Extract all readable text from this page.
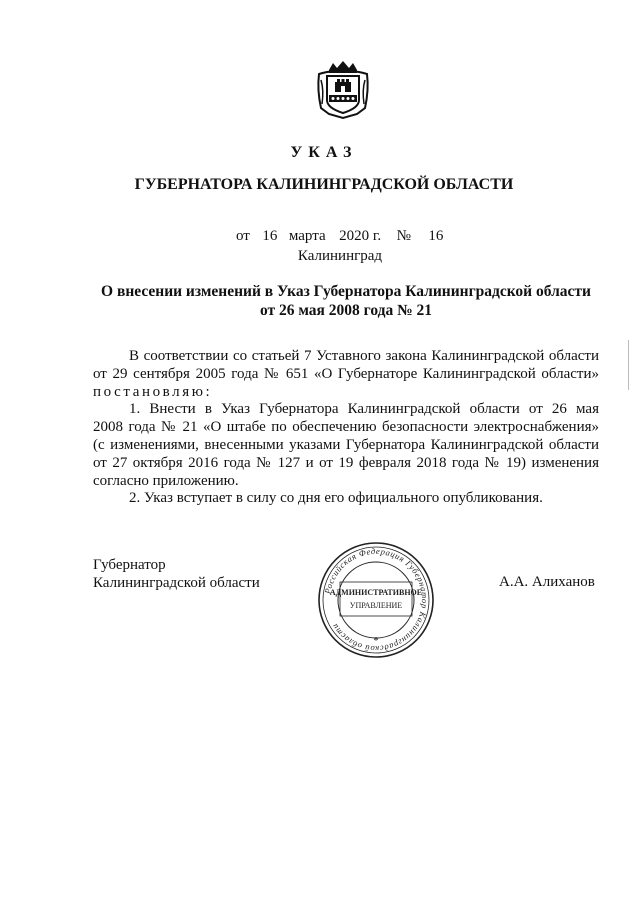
УКАЗ
ГУБЕРНАТОРА КАЛИНИНГРАДСКОЙ ОБЛАСТИ
от 16 марта 2020 г. № 16
Калининград
О внесении изменений в Указ Губернатора Калининградской области
от 26 мая 2008 года № 21
В соответствии со статьей 7 Уставного закона Калининградской области
от 29 сентября 2005 года № 651 «О Губернаторе Калининградской области»
постановляю:
1. Внести в Указ Губернатора Калининградской области от 26 мая
2008 года № 21 «О штабе по обеспечению безопасности электроснабжения»
(с изменениями, внесенными указами Губернатора Калининградской области
от 27 октября 2016 года № 127 и от 19 февраля 2018 года № 19) изменения
согласно приложению.
2. Указ вступает в силу со дня его официального опубликования.
Губернатор
Калининградской области	А.А. Алиханов
Российская Федерация Губернатор Калининградской области
АДМИНИСТРАТИВНОЕ
УПРАВЛЕНИЕ
*
